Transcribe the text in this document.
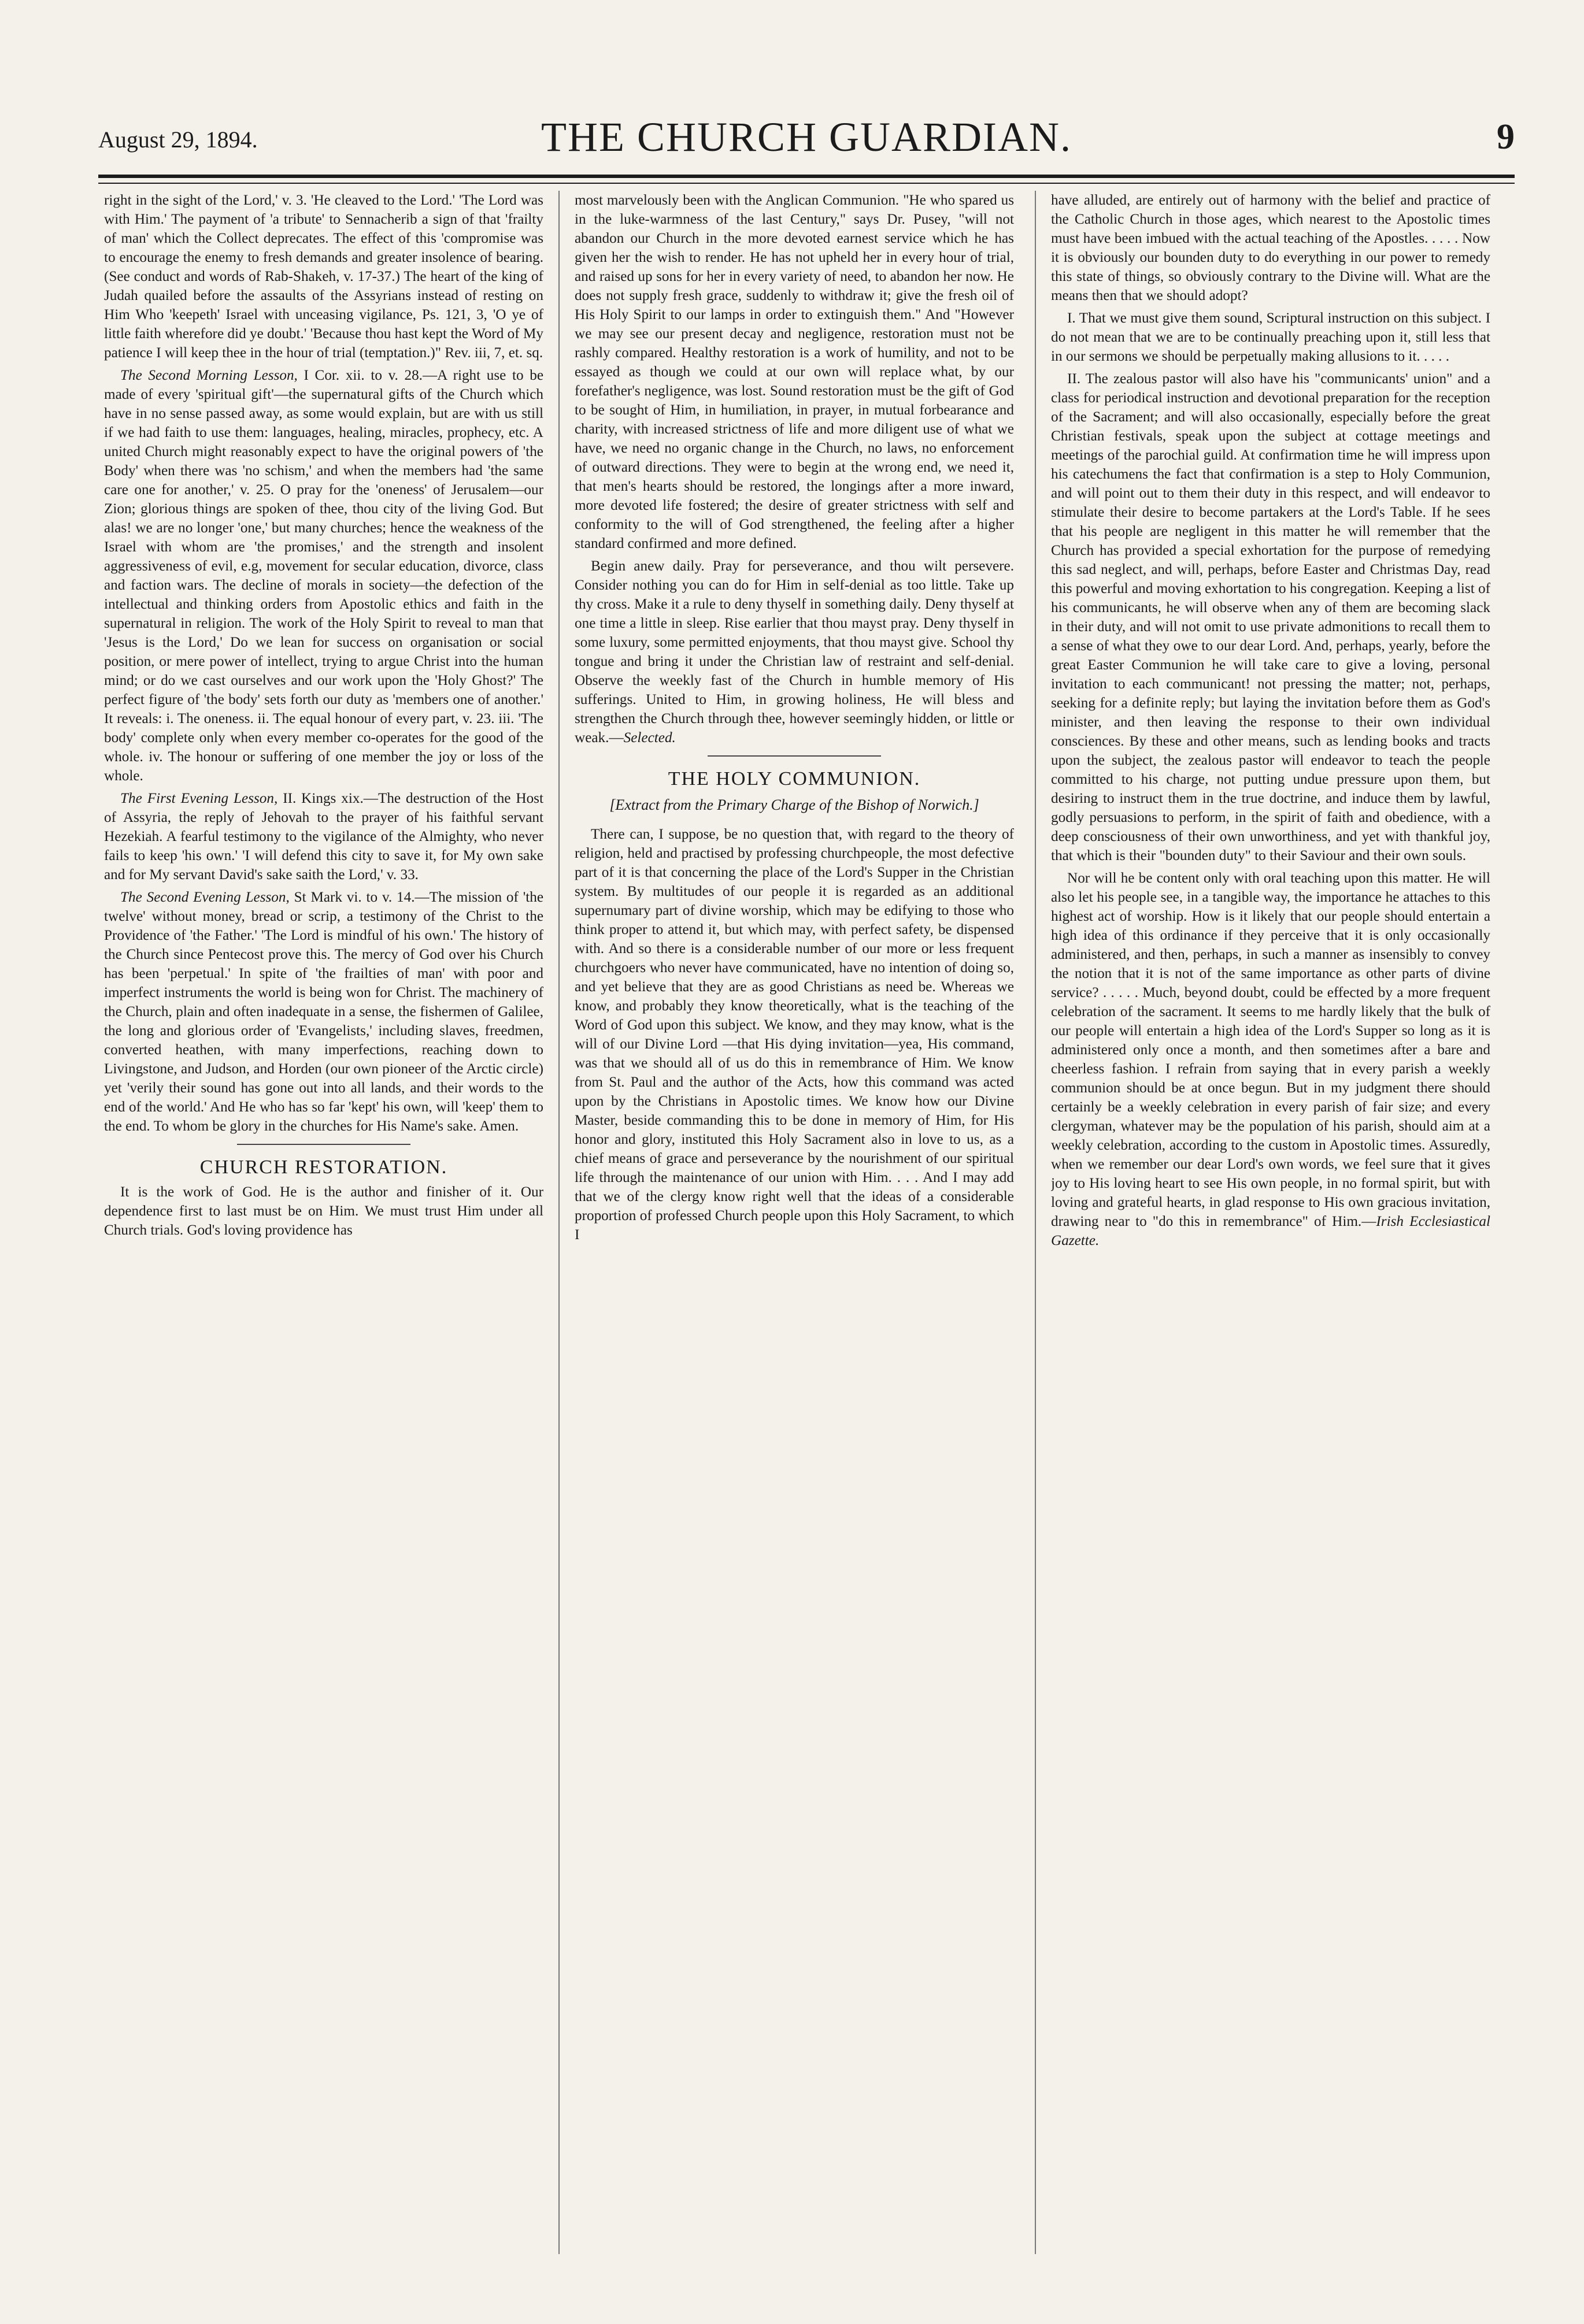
August 29, 1894.	THE CHURCH GUARDIAN.	9

right in the sight of the Lord,' v. 3. 'He cleaved to the Lord.' 'The Lord was with Him.' The payment of 'a tribute' to Sennacherib a sign of that 'frailty of man' which the Collect deprecates. The effect of this 'compromise was to encourage the enemy to fresh demands and greater insolence of bearing. (See conduct and words of Rab-Shakeh, v. 17-37.) The heart of the king of Judah quailed before the assaults of the Assyrians instead of resting on Him Who 'keepeth' Israel with unceasing vigilance, Ps. 121, 3, 'O ye of little faith wherefore did ye doubt.' 'Because thou hast kept the Word of My patience I will keep thee in the hour of trial (temptation.)" Rev. iii, 7, et. sq.

The Second Morning Lesson, I Cor. xii. to v. 28.—A right use to be made of every 'spiritual gift'—the supernatural gifts of the Church which have in no sense passed away, as some would explain, but are with us still if we had faith to use them: languages, healing, miracles, prophecy, etc. A united Church might reasonably expect to have the original powers of 'the Body' when there was 'no schism,' and when the members had 'the same care one for another,' v. 25. O pray for the 'oneness' of Jerusalem—our Zion; glorious things are spoken of thee, thou city of the living God. But alas! we are no longer 'one,' but many churches; hence the weakness of the Israel with whom are 'the promises,' and the strength and insolent aggressiveness of evil, e.g, movement for secular education, divorce, class and faction wars. The decline of morals in society—the defection of the intellectual and thinking orders from Apostolic ethics and faith in the supernatural in religion. The work of the Holy Spirit to reveal to man that 'Jesus is the Lord,' Do we lean for success on organisation or social position, or mere power of intellect, trying to argue Christ into the human mind; or do we cast ourselves and our work upon the 'Holy Ghost?' The perfect figure of 'the body' sets forth our duty as 'members one of another.' It reveals: i. The oneness. ii. The equal honour of every part, v. 23. iii. 'The body' complete only when every member co-operates for the good of the whole. iv. The honour or suffering of one member the joy or loss of the whole.

The First Evening Lesson, II. Kings xix.—The destruction of the Host of Assyria, the reply of Jehovah to the prayer of his faithful servant Hezekiah. A fearful testimony to the vigilance of the Almighty, who never fails to keep 'his own.' 'I will defend this city to save it, for My own sake and for My servant David's sake saith the Lord,' v. 33.

The Second Evening Lesson, St Mark vi. to v. 14.—The mission of 'the twelve' without money, bread or scrip, a testimony of the Christ to the Providence of 'the Father.' 'The Lord is mindful of his own.' The history of the Church since Pentecost prove this. The mercy of God over his Church has been 'perpetual.' In spite of 'the frailties of man' with poor and imperfect instruments the world is being won for Christ. The machinery of the Church, plain and often inadequate in a sense, the fishermen of Galilee, the long and glorious order of 'Evangelists,' including slaves, freedmen, converted heathen, with many imperfections, reaching down to Livingstone, and Judson, and Horden (our own pioneer of the Arctic circle) yet 'verily their sound has gone out into all lands, and their words to the end of the world.' And He who has so far 'kept' his own, will 'keep' them to the end. To whom be glory in the churches for His Name's sake. Amen.

CHURCH RESTORATION.

It is the work of God. He is the author and finisher of it. Our dependence first to last must be on Him. We must trust Him under all Church trials. God's loving providence has

most marvelously been with the Anglican Communion. "He who spared us in the luke-warmness of the last Century," says Dr. Pusey, "will not abandon our Church in the more devoted earnest service which he has given her the wish to render. He has not upheld her in every hour of trial, and raised up sons for her in every variety of need, to abandon her now. He does not supply fresh grace, suddenly to withdraw it; give the fresh oil of His Holy Spirit to our lamps in order to extinguish them." And "However we may see our present decay and negligence, restoration must not be rashly compared. Healthy restoration is a work of humility, and not to be essayed as though we could at our own will replace what, by our forefather's negligence, was lost. Sound restoration must be the gift of God to be sought of Him, in humiliation, in prayer, in mutual forbearance and charity, with increased strictness of life and more diligent use of what we have, we need no organic change in the Church, no laws, no enforcement of outward directions. They were to begin at the wrong end, we need it, that men's hearts should be restored, the longings after a more inward, more devoted life fostered; the desire of greater strictness with self and conformity to the will of God strengthened, the feeling after a higher standard confirmed and more defined.

Begin anew daily. Pray for perseverance, and thou wilt persevere. Consider nothing you can do for Him in self-denial as too little. Take up thy cross. Make it a rule to deny thyself in something daily. Deny thyself at one time a little in sleep. Rise earlier that thou mayst pray. Deny thyself in some luxury, some permitted enjoyments, that thou mayst give. School thy tongue and bring it under the Christian law of restraint and self-denial. Observe the weekly fast of the Church in humble memory of His sufferings. United to Him, in growing holiness, He will bless and strengthen the Church through thee, however seemingly hidden, or little or weak.—Selected.

THE HOLY COMMUNION.
[Extract from the Primary Charge of the Bishop of Norwich.]

There can, I suppose, be no question that, with regard to the theory of religion, held and practised by professing churchpeople, the most defective part of it is that concerning the place of the Lord's Supper in the Christian system. By multitudes of our people it is regarded as an additional supernumary part of divine worship, which may be edifying to those who think proper to attend it, but which may, with perfect safety, be dispensed with. And so there is a considerable number of our more or less frequent churchgoers who never have communicated, have no intention of doing so, and yet believe that they are as good Christians as need be. Whereas we know, and probably they know theoretically, what is the teaching of the Word of God upon this subject. We know, and they may know, what is the will of our Divine Lord —that His dying invitation—yea, His command, was that we should all of us do this in remembrance of Him. We know from St. Paul and the author of the Acts, how this command was acted upon by the Christians in Apostolic times. We know how our Divine Master, beside commanding this to be done in memory of Him, for His honor and glory, instituted this Holy Sacrament also in love to us, as a chief means of grace and perseverance by the nourishment of our spiritual life through the maintenance of our union with Him. . . . And I may add that we of the clergy know right well that the ideas of a considerable proportion of professed Church people upon this Holy Sacrament, to which I

have alluded, are entirely out of harmony with the belief and practice of the Catholic Church in those ages, which nearest to the Apostolic times must have been imbued with the actual teaching of the Apostles. . . . . Now it is obviously our bounden duty to do everything in our power to remedy this state of things, so obviously contrary to the Divine will. What are the means then that we should adopt?

I. That we must give them sound, Scriptural instruction on this subject. I do not mean that we are to be continually preaching upon it, still less that in our sermons we should be perpetually making allusions to it. . . . .

II. The zealous pastor will also have his "communicants' union" and a class for periodical instruction and devotional preparation for the reception of the Sacrament; and will also occasionally, especially before the great Christian festivals, speak upon the subject at cottage meetings and meetings of the parochial guild. At confirmation time he will impress upon his catechumens the fact that confirmation is a step to Holy Communion, and will point out to them their duty in this respect, and will endeavor to stimulate their desire to become partakers at the Lord's Table. If he sees that his people are negligent in this matter he will remember that the Church has provided a special exhortation for the purpose of remedying this sad neglect, and will, perhaps, before Easter and Christmas Day, read this powerful and moving exhortation to his congregation. Keeping a list of his communicants, he will observe when any of them are becoming slack in their duty, and will not omit to use private admonitions to recall them to a sense of what they owe to our dear Lord. And, perhaps, yearly, before the great Easter Communion he will take care to give a loving, personal invitation to each communicant! not pressing the matter; not, perhaps, seeking for a definite reply; but laying the invitation before them as God's minister, and then leaving the response to their own individual consciences. By these and other means, such as lending books and tracts upon the subject, the zealous pastor will endeavor to teach the people committed to his charge, not putting undue pressure upon them, but desiring to instruct them in the true doctrine, and induce them by lawful, godly persuasions to perform, in the spirit of faith and obedience, with a deep consciousness of their own unworthiness, and yet with thankful joy, that which is their "bounden duty" to their Saviour and their own souls.

Nor will he be content only with oral teaching upon this matter. He will also let his people see, in a tangible way, the importance he attaches to this highest act of worship. How is it likely that our people should entertain a high idea of this ordinance if they perceive that it is only occasionally administered, and then, perhaps, in such a manner as insensibly to convey the notion that it is not of the same importance as other parts of divine service? . . . . . Much, beyond doubt, could be effected by a more frequent celebration of the sacrament. It seems to me hardly likely that the bulk of our people will entertain a high idea of the Lord's Supper so long as it is administered only once a month, and then sometimes after a bare and cheerless fashion. I refrain from saying that in every parish a weekly communion should be at once begun. But in my judgment there should certainly be a weekly celebration in every parish of fair size; and every clergyman, whatever may be the population of his parish, should aim at a weekly celebration, according to the custom in Apostolic times. Assuredly, when we remember our dear Lord's own words, we feel sure that it gives joy to His loving heart to see His own people, in no formal spirit, but with loving and grateful hearts, in glad response to His own gracious invitation, drawing near to "do this in remembrance" of Him.—Irish Ecclesiastical Gazette.
